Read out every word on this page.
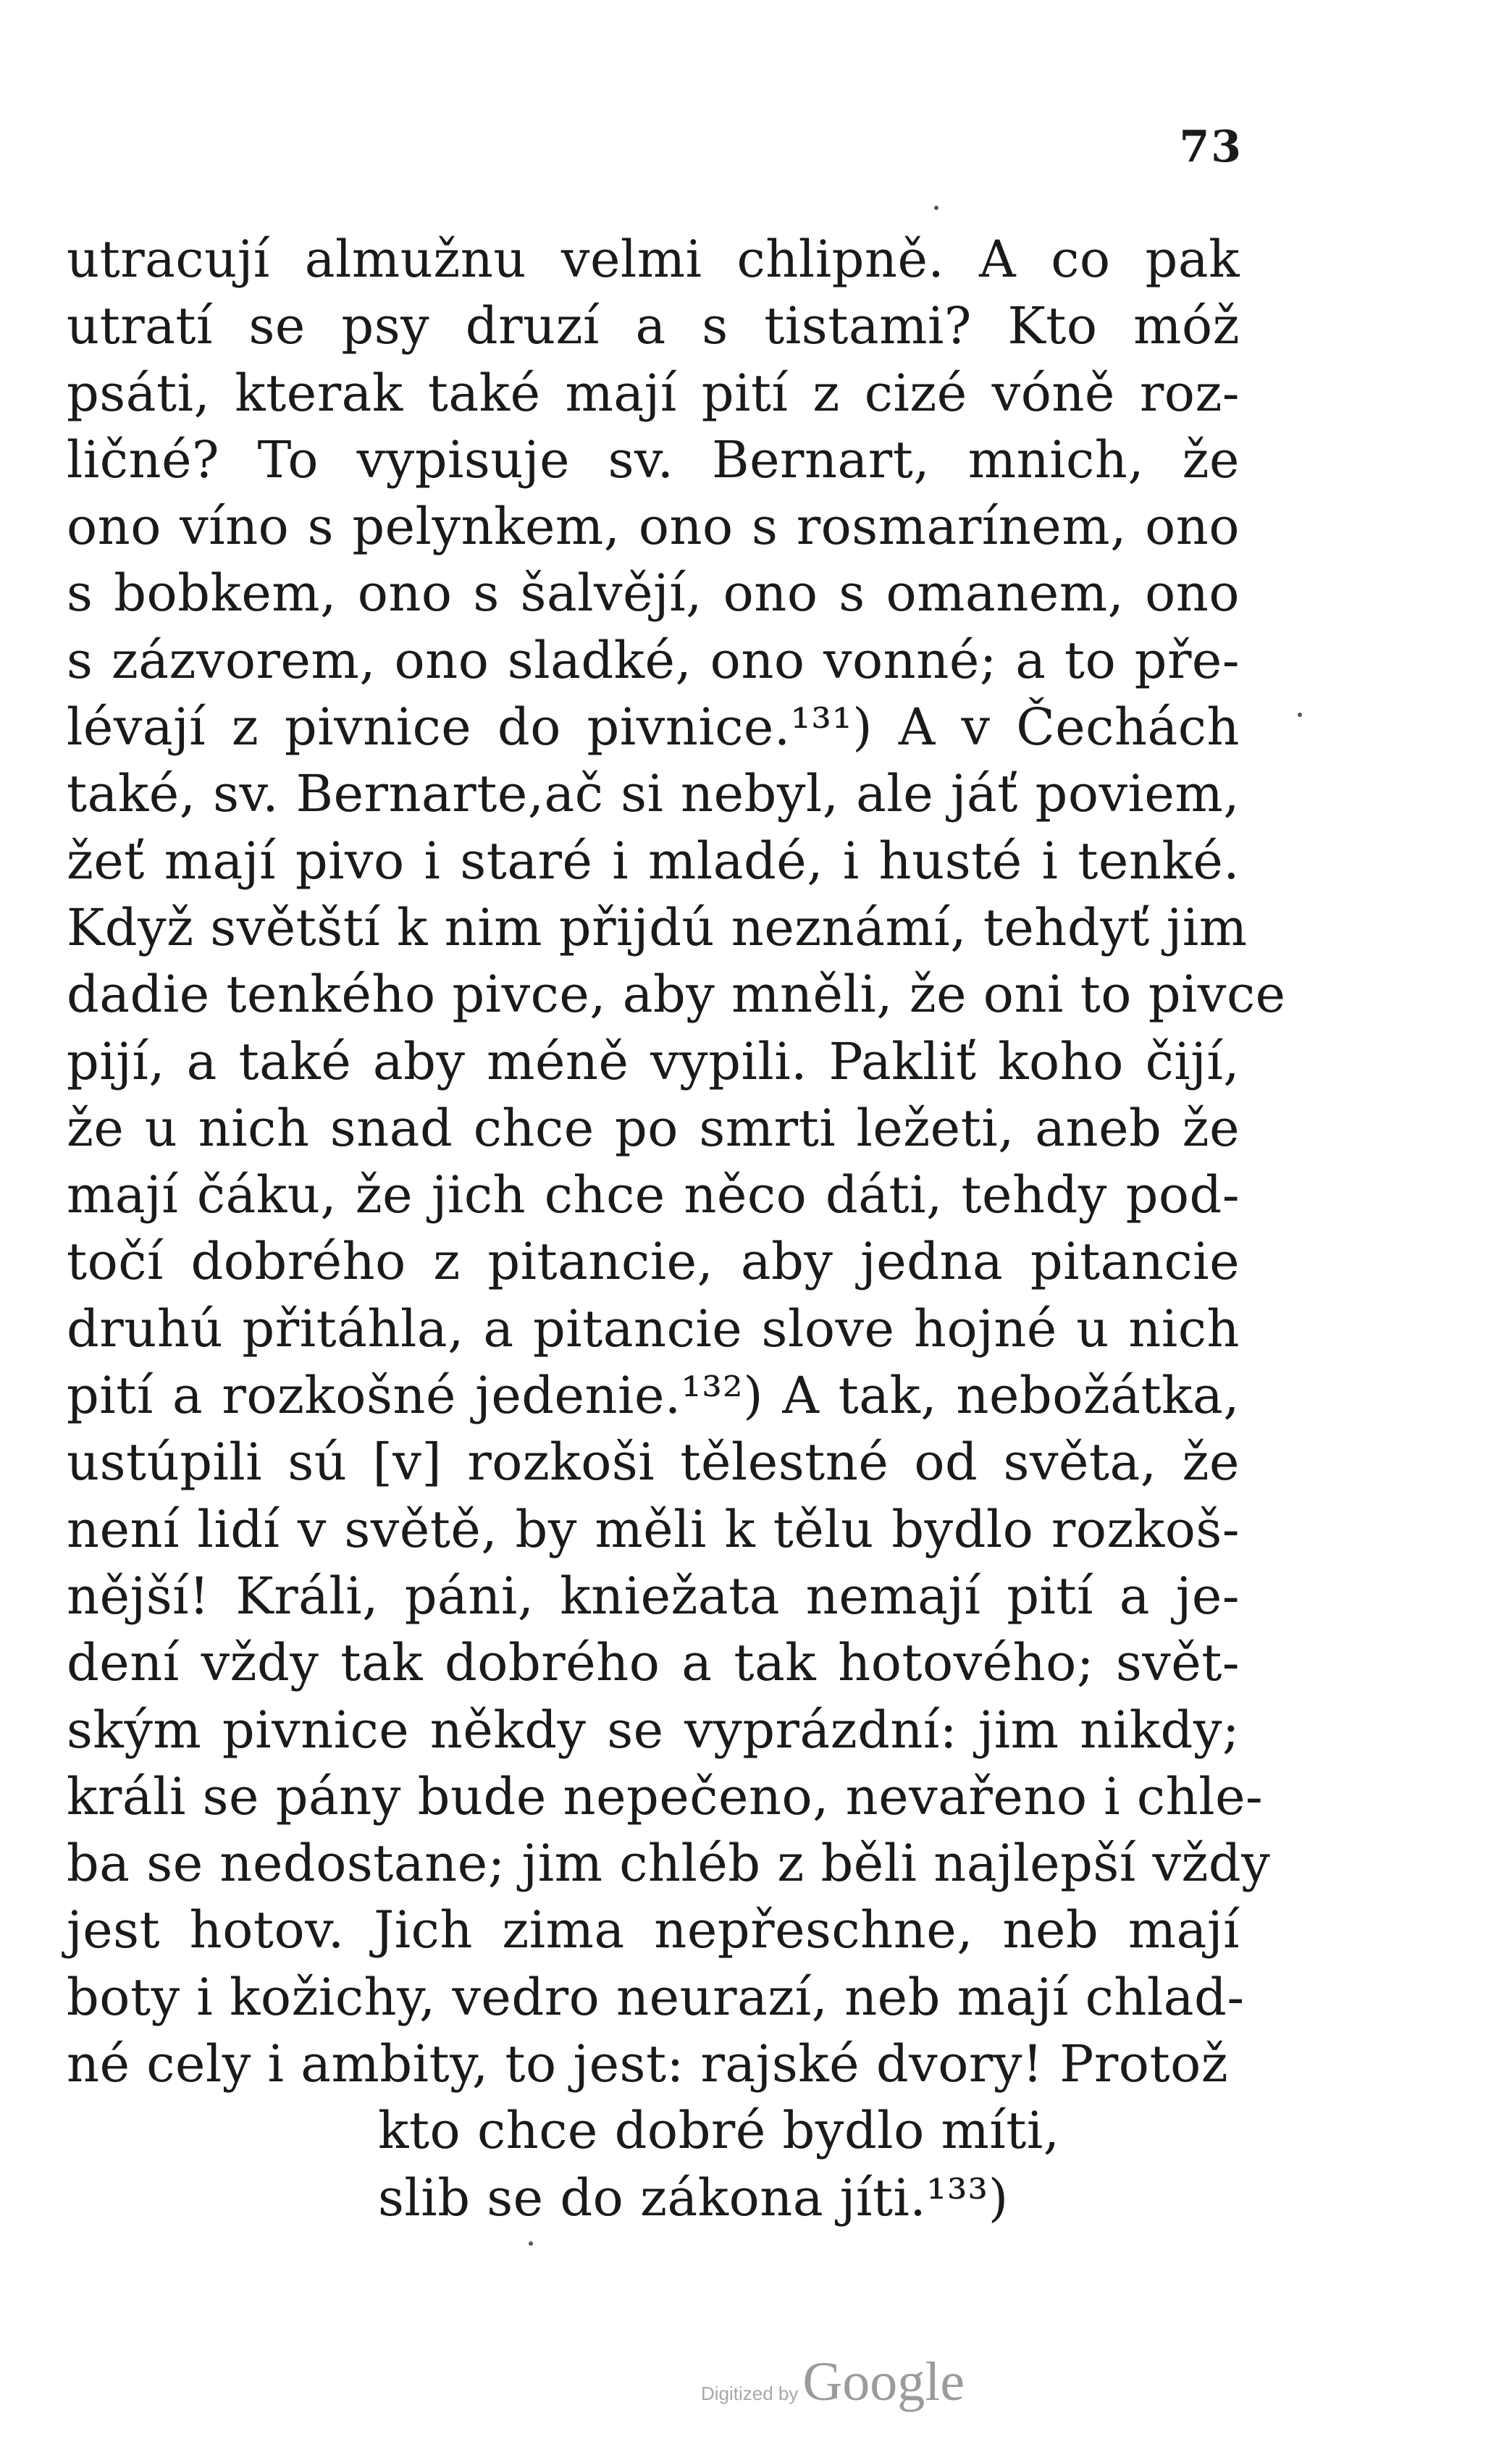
73
utracují almužnu velmi chlipně. A co pak
utratí se psy druzí a s tistami? Kto móž
psáti, kterak také mají pití z cizé vóně roz-
ličné? To vypisuje sv. Bernart, mnich, že
ono víno s pelynkem, ono s rosmarínem, ono
s bobkem, ono s šalvějí, ono s omanem, ono
s zázvorem, ono sladké, ono vonné; a to pře-
lévají z pivnice do pivnice.¹³¹) A v Čechách
také, sv. Bernarte,ač si nebyl, ale jáť poviem,
žeť mají pivo i staré i mladé, i husté i tenké.
Když světští k nim přijdú neznámí, tehdyť jim
dadie tenkého pivce, aby mněli, že oni to pivce
pijí, a také aby méně vypili. Pakliť koho čijí,
že u nich snad chce po smrti ležeti, aneb že
mají čáku, že jich chce něco dáti, tehdy pod-
točí dobrého z pitancie, aby jedna pitancie
druhú přitáhla, a pitancie slove hojné u nich
pití a rozkošné jedenie.¹³²) A tak, nebožátka,
ustúpili sú [v] rozkoši tělestné od světa, že
není lidí v světě, by měli k tělu bydlo rozkoš-
nější! Králi, páni, kniežata nemají pití a je-
dení vždy tak dobrého a tak hotového; svět-
ským pivnice někdy se vyprázdní: jim nikdy;
králi se pány bude nepečeno, nevařeno i chle-
ba se nedostane; jim chléb z běli najlepší vždy
jest hotov. Jich zima nepřeschne, neb mají
boty i kožichy, vedro neurazí, neb mají chlad-
né cely i ambity, to jest: rajské dvory! Protož
kto chce dobré bydlo míti,
slib se do zákona jíti.¹³³)
Digitized by Google
